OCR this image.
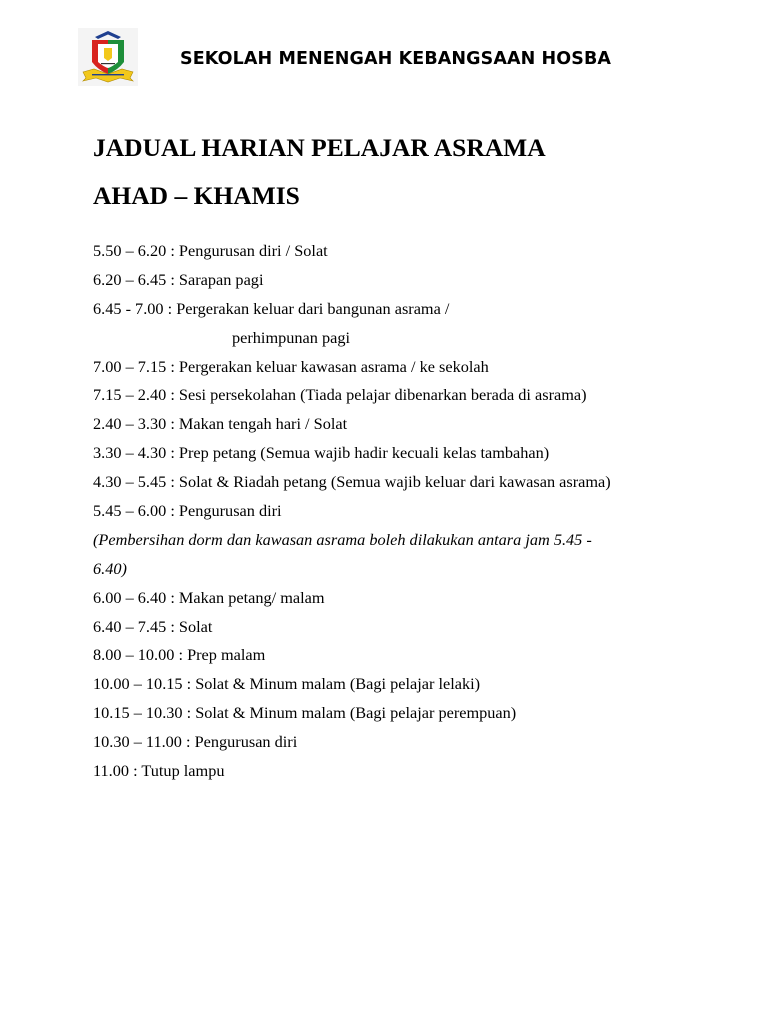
SEKOLAH MENENGAH KEBANGSAAN HOSBA
JADUAL HARIAN PELAJAR ASRAMA
AHAD – KHAMIS
5.50 – 6.20 : Pengurusan diri / Solat
6.20 – 6.45 : Sarapan pagi
6.45 - 7.00 : Pergerakan keluar dari bangunan asrama /
perhimpunan pagi
7.00 – 7.15 : Pergerakan keluar kawasan asrama / ke sekolah
7.15 – 2.40 : Sesi persekolahan (Tiada pelajar dibenarkan berada di asrama)
2.40 – 3.30 : Makan tengah hari / Solat
3.30 – 4.30 : Prep petang (Semua wajib hadir kecuali kelas tambahan)
4.30 – 5.45 : Solat & Riadah petang (Semua wajib keluar dari kawasan asrama)
5.45 – 6.00 : Pengurusan diri
(Pembersihan dorm dan kawasan asrama boleh dilakukan antara jam 5.45 -
6.40)
6.00 – 6.40 : Makan petang/ malam
6.40 – 7.45 : Solat
8.00 – 10.00 : Prep malam
10.00 – 10.15 : Solat & Minum malam (Bagi pelajar lelaki)
10.15 – 10.30 : Solat & Minum malam (Bagi pelajar perempuan)
10.30 – 11.00 : Pengurusan diri
11.00 : Tutup lampu
